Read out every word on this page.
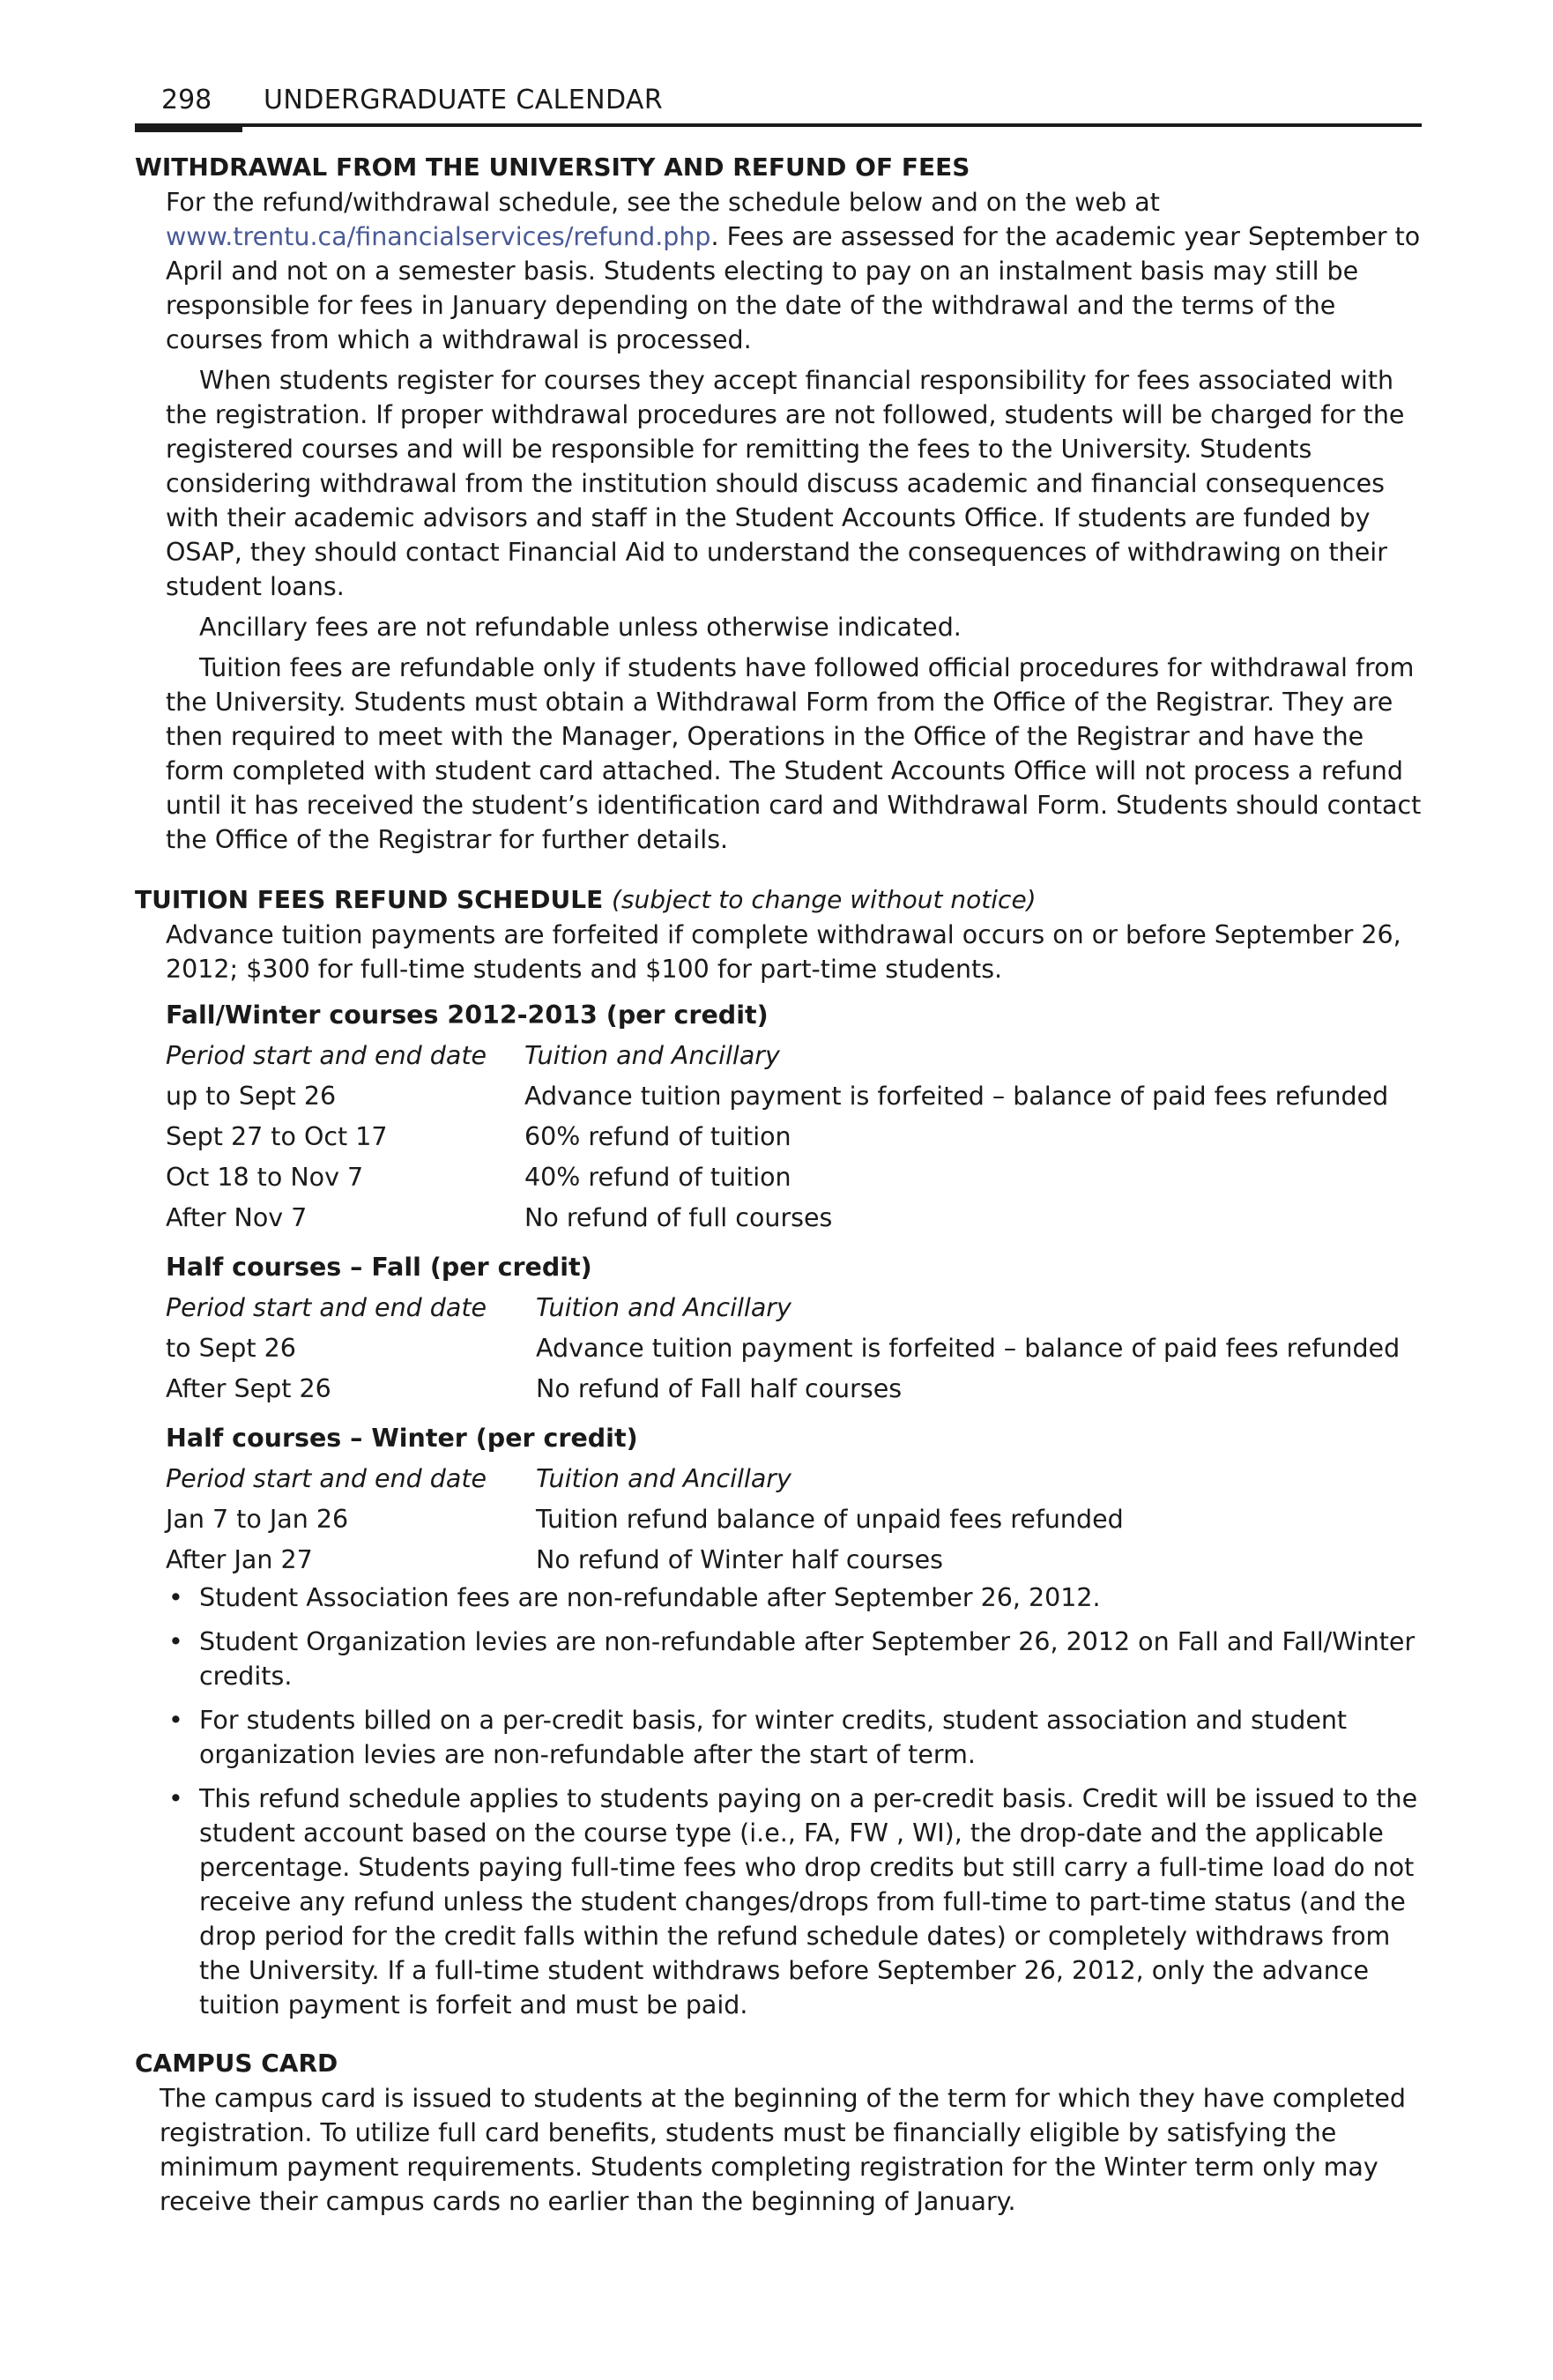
298 UNDERGRADUATE CALENDAR
WITHDRAWAL FROM THE UNIVERSITY AND REFUND OF FEES

For the refund/withdrawal schedule, see the schedule below and on the web at www.trentu.ca/financialservices/refund.php. Fees are assessed for the academic year September to April and not on a semester basis. Students electing to pay on an instalment basis may still be responsible for fees in January depending on the date of the withdrawal and the terms of the courses from which a withdrawal is processed.

When students register for courses they accept financial responsibility for fees associated with the registration. If proper withdrawal procedures are not followed, students will be charged for the registered courses and will be responsible for remitting the fees to the University. Students considering withdrawal from the institution should discuss academic and financial consequences with their academic advisors and staff in the Student Accounts Office. If students are funded by OSAP, they should contact Financial Aid to understand the consequences of withdrawing on their student loans.

Ancillary fees are not refundable unless otherwise indicated.

Tuition fees are refundable only if students have followed official procedures for withdrawal from the University. Students must obtain a Withdrawal Form from the Office of the Registrar. They are then required to meet with the Manager, Operations in the Office of the Registrar and have the form completed with student card attached. The Student Accounts Office will not process a refund until it has received the student’s identification card and Withdrawal Form. Students should contact the Office of the Registrar for further details.

TUITION FEES REFUND SCHEDULE (subject to change without notice)

Advance tuition payments are forfeited if complete withdrawal occurs on or before September 26, 2012; $300 for full-time students and $100 for part-time students.

Fall/Winter courses 2012-2013 (per credit)
Period start and end date	Tuition and Ancillary
up to Sept 26	Advance tuition payment is forfeited – balance of paid fees refunded
Sept 27 to Oct 17	60% refund of tuition
Oct 18 to Nov 7	40% refund of tuition
After Nov 7	No refund of full courses
Half courses – Fall (per credit)
Period start and end date	Tuition and Ancillary
to Sept 26	Advance tuition payment is forfeited – balance of paid fees refunded
After Sept 26	No refund of Fall half courses
Half courses – Winter (per credit)
Period start and end date	Tuition and Ancillary
Jan 7 to Jan 26	Tuition refund balance of unpaid fees refunded
After Jan 27	No refund of Winter half courses
• Student Association fees are non-refundable after September 26, 2012.
• Student Organization levies are non-refundable after September 26, 2012 on Fall and Fall/Winter credits.
• For students billed on a per-credit basis, for winter credits, student association and student organization levies are non-refundable after the start of term.
• This refund schedule applies to students paying on a per-credit basis. Credit will be issued to the student account based on the course type (i.e., FA, FW , WI), the drop-date and the applicable percentage. Students paying full-time fees who drop credits but still carry a full-time load do not receive any refund unless the student changes/drops from full-time to part-time status (and the drop period for the credit falls within the refund schedule dates) or completely withdraws from the University. If a full-time student withdraws before September 26, 2012, only the advance tuition payment is forfeit and must be paid.
CAMPUS CARD

The campus card is issued to students at the beginning of the term for which they have completed registration. To utilize full card benefits, students must be financially eligible by satisfying the minimum payment requirements. Students completing registration for the Winter term only may receive their campus cards no earlier than the beginning of January.
